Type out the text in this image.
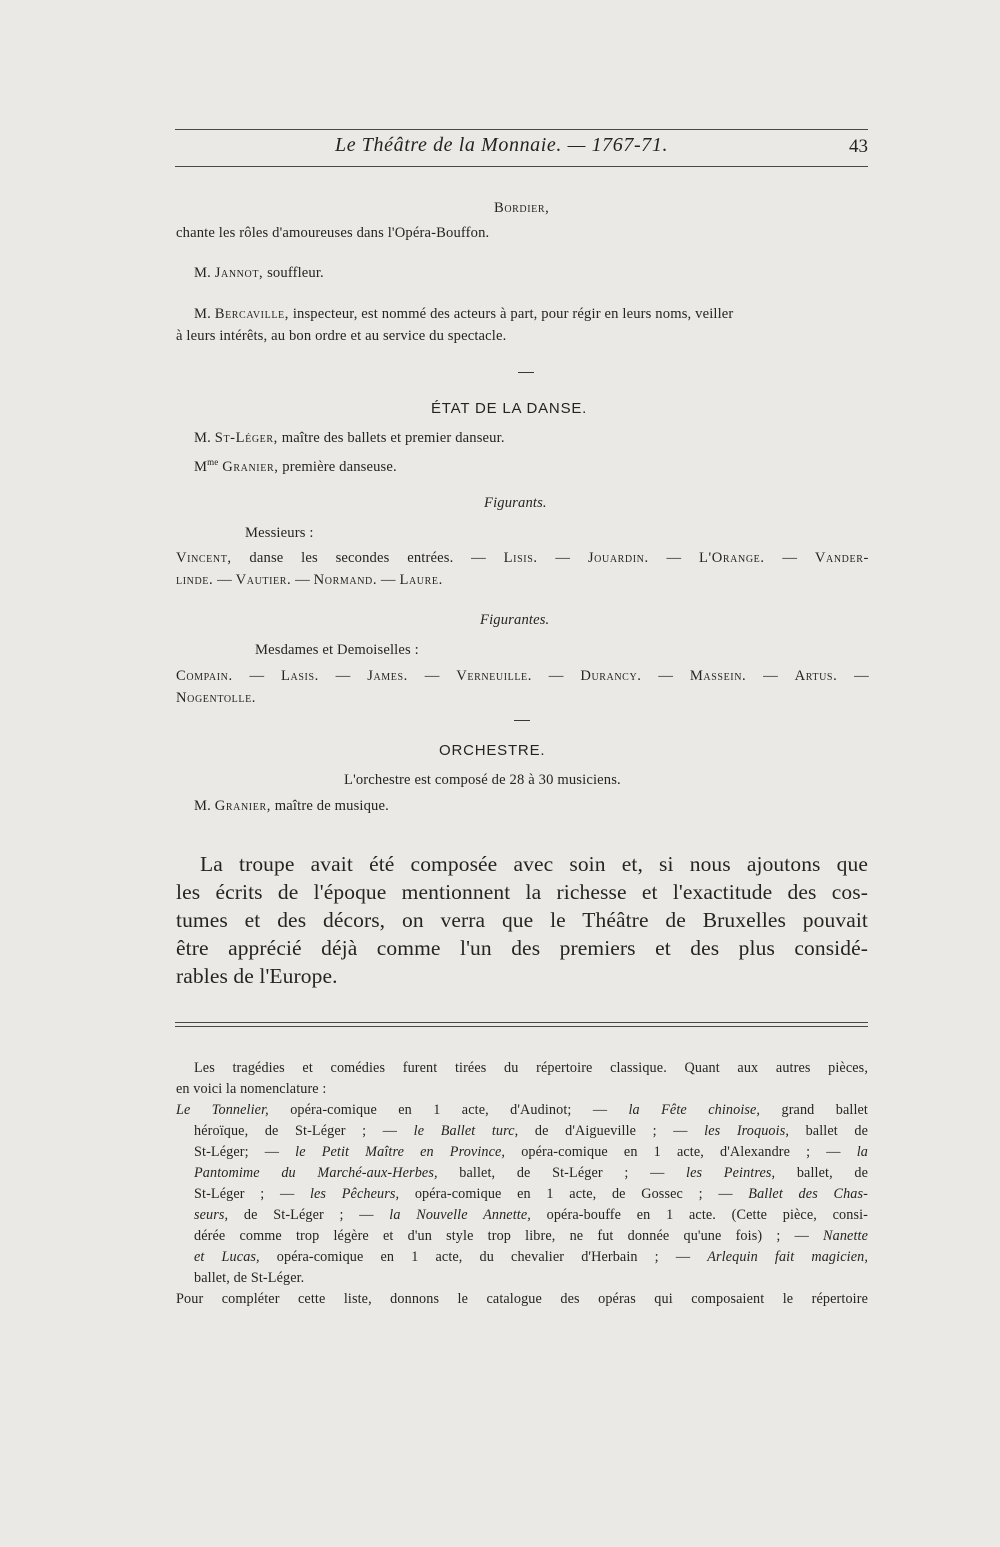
Le Théâtre de la Monnaie. — 1767-71.	43
Bordier,
chante les rôles d'amoureuses dans l'Opéra-Bouffon.
M. Jannot, souffleur.
M. Bercaville, inspecteur, est nommé des acteurs à part, pour régir en leurs noms, veiller
à leurs intérêts, au bon ordre et au service du spectacle.
ÉTAT DE LA DANSE.
M. St-Léger, maître des ballets et premier danseur.
$M^{me}$ Granier, première danseuse.
Figurants.
Messieurs :
Vincent, danse les secondes entrées. — Lisis. — Jouardin. — L'Orange. — Vander-
linde. — Vautier. — Normand. — Laure.
Figurantes.
Mesdames et Demoiselles :
Compain. — Lasis. — James. — Verneuille. — Durancy. — Massein. — Artus. —
Nogentolle.
ORCHESTRE.
L'orchestre est composé de 28 à 30 musiciens.
M. Granier, maître de musique.
La troupe avait été composée avec soin et, si nous ajoutons que
les écrits de l'époque mentionnent la richesse et l'exactitude des cos-
tumes et des décors, on verra que le Théâtre de Bruxelles pouvait
être apprécié déjà comme l'un des premiers et des plus considé-
rables de l'Europe.
Les tragédies et comédies furent tirées du répertoire classique. Quant aux autres pièces,
en voici la nomenclature :
Le Tonnelier, opéra-comique en 1 acte, d'Audinot; — la Fête chinoise, grand ballet
héroïque, de St-Léger ; — le Ballet turc, de d'Aigueville ; — les Iroquois, ballet de
St-Léger; — le Petit Maître en Province, opéra-comique en 1 acte, d'Alexandre ; — la
Pantomime du Marché-aux-Herbes, ballet, de St-Léger ; — les Peintres, ballet, de
St-Léger ; — les Pêcheurs, opéra-comique en 1 acte, de Gossec ; — Ballet des Chas-
seurs, de St-Léger ; — la Nouvelle Annette, opéra-bouffe en 1 acte. (Cette pièce, consi-
dérée comme trop légère et d'un style trop libre, ne fut donnée qu'une fois) ; — Nanette
et Lucas, opéra-comique en 1 acte, du chevalier d'Herbain ; — Arlequin fait magicien,
ballet, de St-Léger.
Pour compléter cette liste, donnons le catalogue des opéras qui composaient le répertoire
